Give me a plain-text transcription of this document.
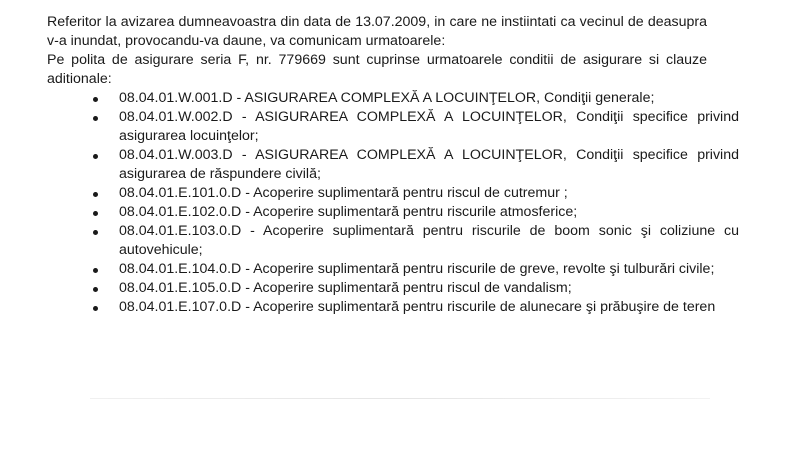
Referitor la avizarea dumneavoastra din data de 13.07.2009, in care ne instiintati ca vecinul de deasupra v-a inundat, provocandu-va daune, va comunicam urmatoarele:

Pe polita de asigurare seria F, nr. 779669 sunt cuprinse urmatoarele conditii de asigurare si clauze aditionale:

08.04.01.W.001.D - ASIGURAREA COMPLEXĂ A LOCUINŢELOR, Condiţii generale;
08.04.01.W.002.D - ASIGURAREA COMPLEXĂ A LOCUINŢELOR, Condiţii specifice privind asigurarea locuinţelor;
08.04.01.W.003.D - ASIGURAREA COMPLEXĂ A LOCUINŢELOR, Condiţii specifice privind asigurarea de răspundere civilă;
08.04.01.E.101.0.D - Acoperire suplimentară pentru riscul de cutremur ;
08.04.01.E.102.0.D - Acoperire suplimentară pentru riscurile atmosferice;
08.04.01.E.103.0.D - Acoperire suplimentară pentru riscurile de boom sonic şi coliziune cu autovehicule;
08.04.01.E.104.0.D - Acoperire suplimentară pentru riscurile de greve, revolte şi tulburări civile;
08.04.01.E.105.0.D - Acoperire suplimentară pentru riscul de vandalism;
08.04.01.E.107.0.D - Acoperire suplimentară pentru riscurile de alunecare şi prăbuşire de teren
